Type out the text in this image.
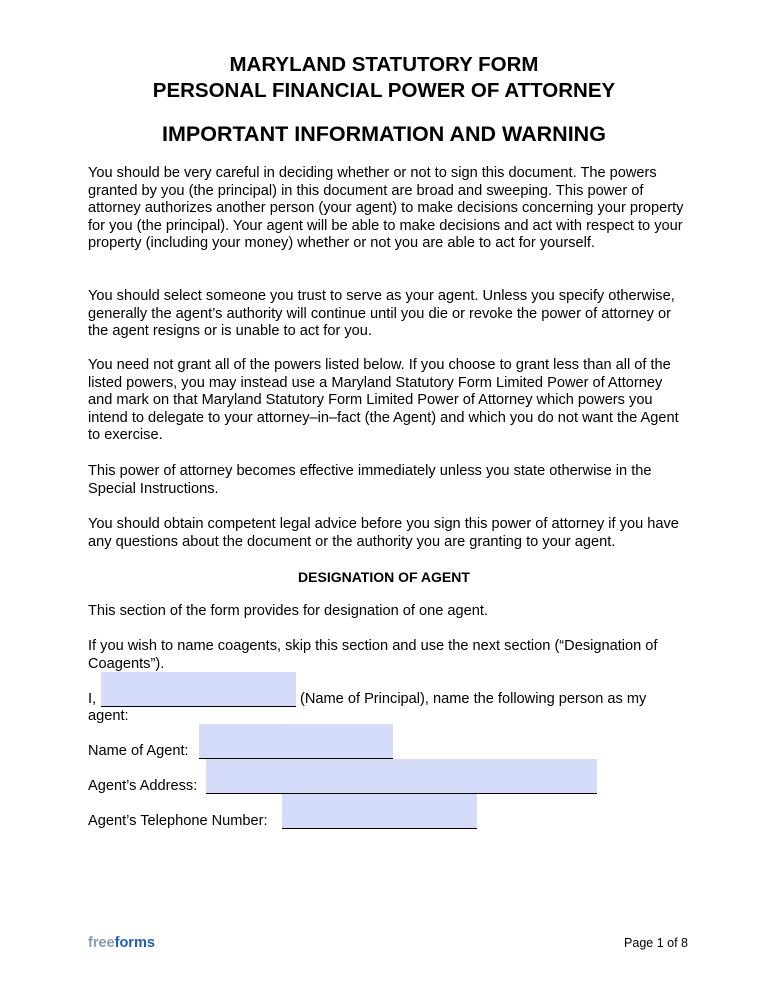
MARYLAND STATUTORY FORM
PERSONAL FINANCIAL POWER OF ATTORNEY
IMPORTANT INFORMATION AND WARNING

You should be very careful in deciding whether or not to sign this document. The powers granted by you (the principal) in this document are broad and sweeping. This power of attorney authorizes another person (your agent) to make decisions concerning your property for you (the principal). Your agent will be able to make decisions and act with respect to your property (including your money) whether or not you are able to act for yourself.

You should select someone you trust to serve as your agent. Unless you specify otherwise, generally the agent’s authority will continue until you die or revoke the power of attorney or the agent resigns or is unable to act for you.

You need not grant all of the powers listed below. If you choose to grant less than all of the listed powers, you may instead use a Maryland Statutory Form Limited Power of Attorney and mark on that Maryland Statutory Form Limited Power of Attorney which powers you intend to delegate to your attorney–in–fact (the Agent) and which you do not want the Agent to exercise.

This power of attorney becomes effective immediately unless you state otherwise in the Special Instructions.

You should obtain competent legal advice before you sign this power of attorney if you have any questions about the document or the authority you are granting to your agent.

DESIGNATION OF AGENT

This section of the form provides for designation of one agent.

If you wish to name coagents, skip this section and use the next section (“Designation of Coagents”).

I,	(Name of Principal), name the following person as my
agent:
Name of Agent:
Agent’s Address:
Agent’s Telephone Number:
freeforms	Page 1 of 8
